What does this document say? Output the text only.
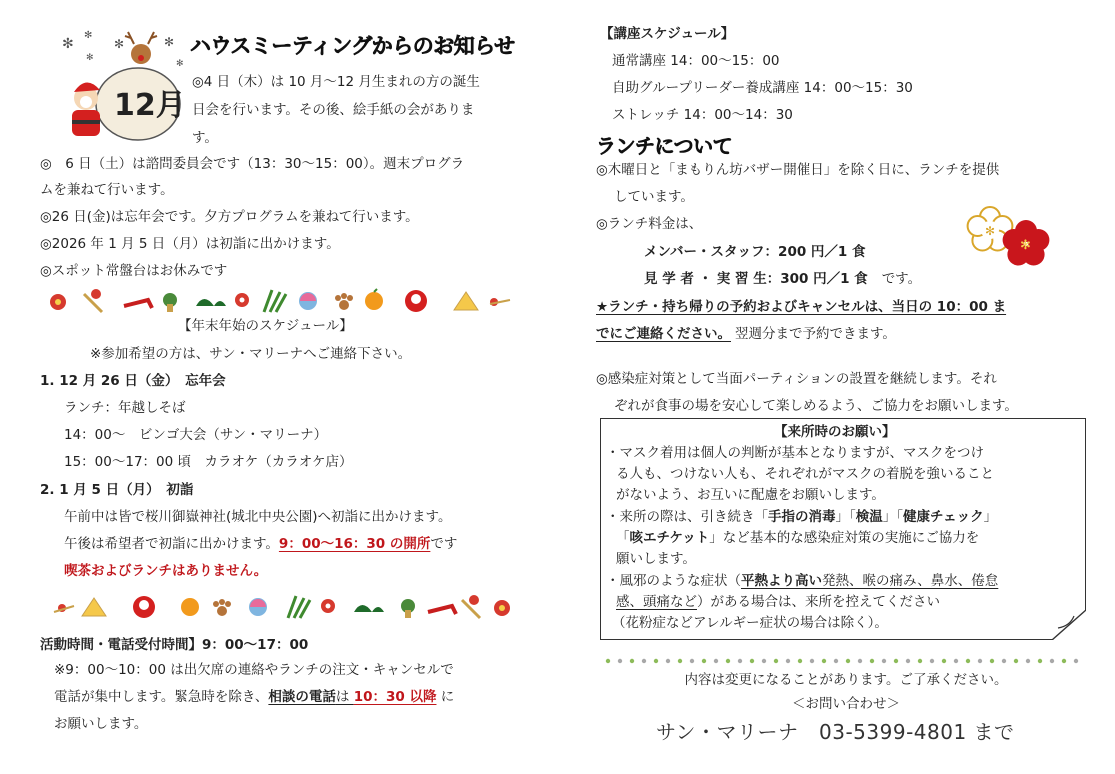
✻
✻
✻
✻	✻
✻
12月
ハウスミーティングからのお知らせ
◎4 日（木）は 10 月～12 月生まれの方の誕生
日会を行います。その後、絵手紙の会がありま
す。
◎　6 日（土）は諮問委員会です（13：30～15：00）。週末プログラ
ムを兼ねて行います。
◎26 日(金)は忘年会です。夕方プログラムを兼ねて行います。
◎2026 年 1 月 5 日（月）は初詣に出かけます。
◎スポット常盤台はお休みです
【年末年始のスケジュール】
※参加希望の方は、サン・マリーナへご連絡下さい。
1. 12 月 26 日（金）　忘年会
ランチ：年越しそば
14：00～　ビンゴ大会（サン・マリーナ）
15：00～17：00 頃　カラオケ（カラオケ店）
2. 1 月 5 日（月）　初詣
午前中は皆で桜川御嶽神社(城北中央公園)へ初詣に出かけます。
午後は希望者で初詣に出かけます。9：00～16：30 の開所です
喫茶およびランチはありません。
活動時間・電話受付時間】9：00～17：00
※9：00～10：00 は出欠席の連絡やランチの注文・キャンセルで
電話が集中します。緊急時を除き、相談の電話は 10：30 以降 に
お願いします。
【講座スケジュール】
通常講座 14：00～15：00
自助グループリーダー養成講座 14：00～15：30
ストレッチ 14：00～14：30
ランチについて
◎木曜日と「まもりん坊バザー開催日」を除く日に、ランチを提供
しています。
◎ランチ料金は、	✻
✻
メンバー・スタッフ：200 円／1 食
見 学 者 ・ 実 習 生：300 円／1 食 です。
★ランチ・持ち帰りの予約およびキャンセルは、当日の 10：00 ま
でにご連絡ください。 翌週分まで予約できます。
◎感染症対策として当面パーティションの設置を継続します。それ
ぞれが食事の場を安心して楽しめるよう、ご協力をお願いします。
【来所時のお願い】
・マスク着用は個人の判断が基本となりますが、マスクをつけ
る人も、つけない人も、それぞれがマスクの着脱を強いること
がないよう、お互いに配慮をお願いします。
・来所の際は、引き続き「手指の消毒」「検温」「健康チェック」
「咳エチケット」など基本的な感染症対策の実施にご協力を
願いします。
・風邪のような症状（平熱より高い発熱、喉の痛み、鼻水、倦怠
感、頭痛など）がある場合は、来所を控えてください
（花粉症などアレルギー症状の場合は除く）。
内容は変更になることがあります。ご了承ください。
＜お問い合わせ＞
サン・マリーナ　03-5399-4801 まで
